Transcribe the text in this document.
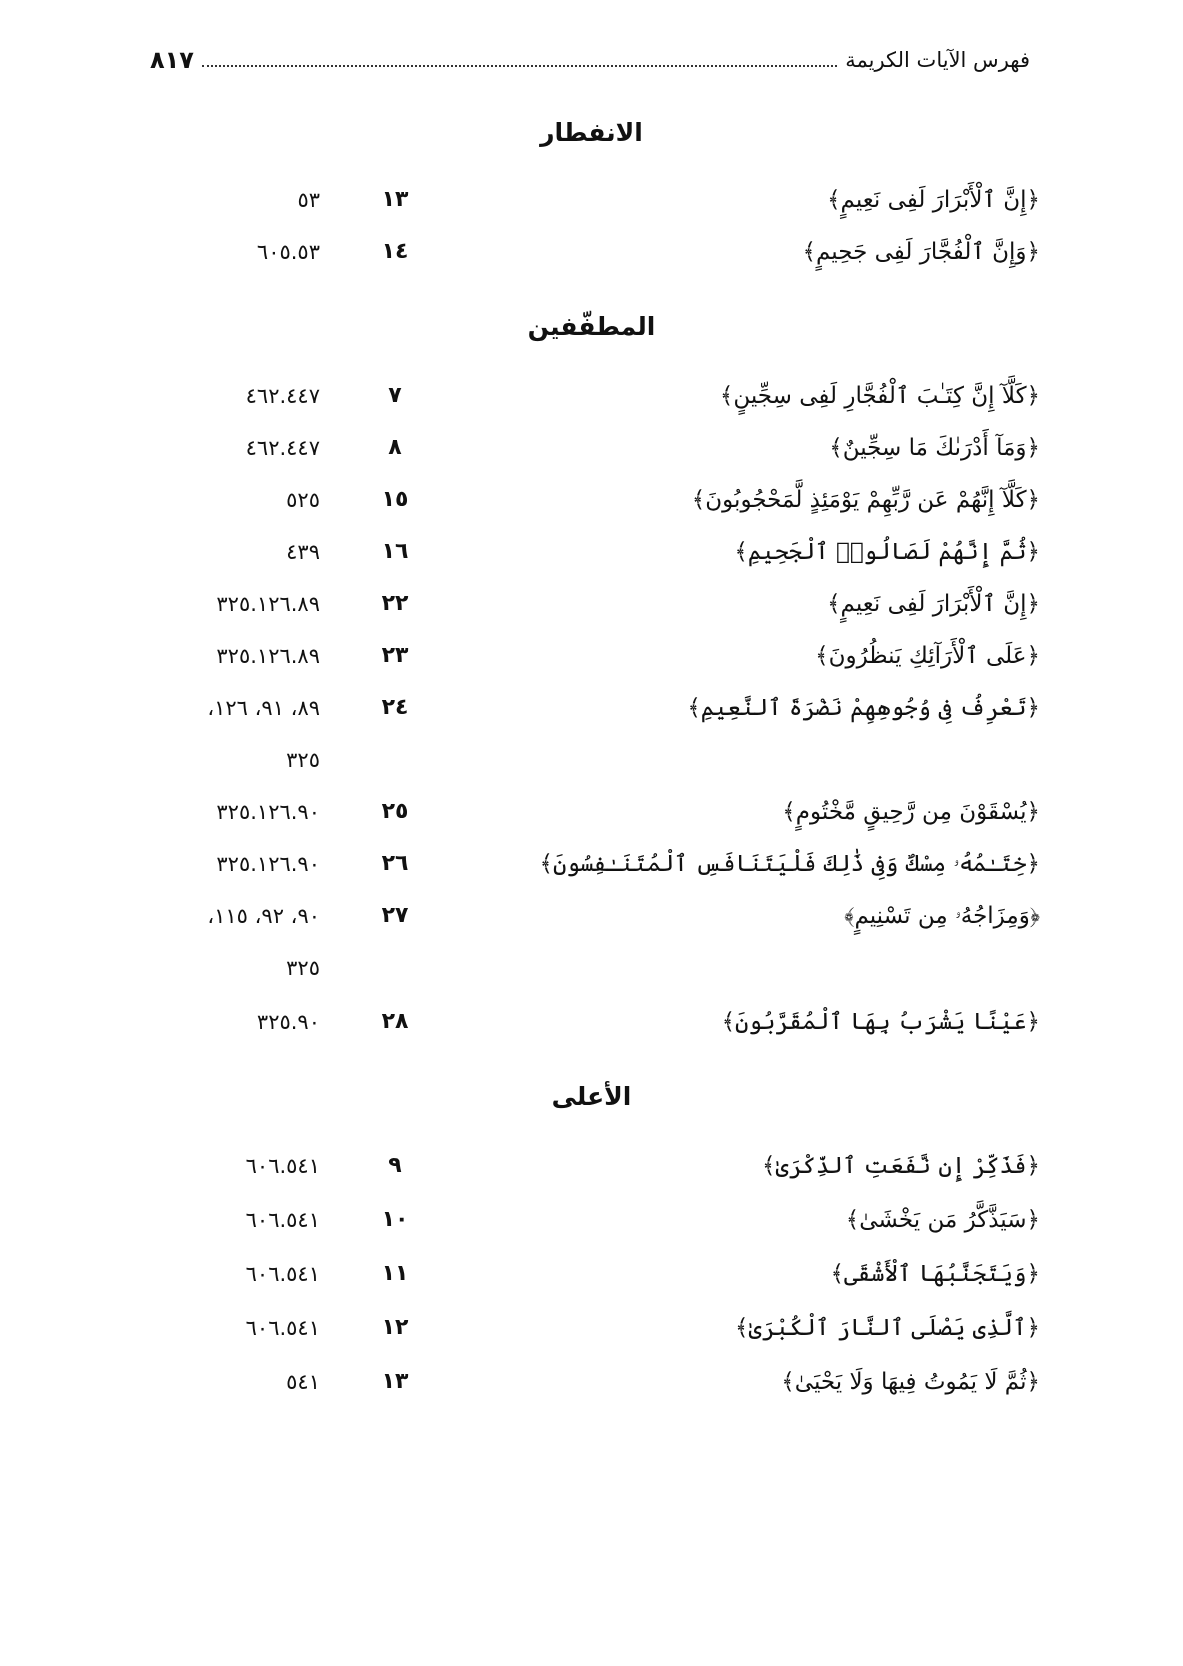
فهرس الآيات الكريمة
٨١٧
الانفطار
﴿إِنَّ ٱلْأَبْرَارَ لَفِى نَعِيمٍ﴾
١٣
٥٣
﴿وَإِنَّ ٱلْفُجَّارَ لَفِى جَحِيمٍ﴾
١٤
٦٠٥.٥٣
المطفّفين
﴿كَلَّآ إِنَّ كِتَـٰبَ ٱلْفُجَّارِ لَفِى سِجِّينٍ﴾
٧
٤٦٢.٤٤٧
﴿وَمَآ أَدْرَىٰكَ مَا سِجِّينٌ﴾
٨
٤٦٢.٤٤٧
﴿كَلَّآ إِنَّهُمْ عَن رَّبِّهِمْ يَوْمَئِذٍ لَّمَحْجُوبُونَ﴾
١٥
٥٢٥
﴿ثُمَّ إِنَّهُمْ لَصَالُوا۟ ٱلْجَحِيمِ﴾
١٦
٤٣٩
﴿إِنَّ ٱلْأَبْرَارَ لَفِى نَعِيمٍ﴾
٢٢
٣٢٥.١٢٦.٨٩
﴿عَلَى ٱلْأَرَآئِكِ يَنظُرُونَ﴾
٢٣
٣٢٥.١٢٦.٨٩
﴿تَعْرِفُ فِى وُجُوهِهِمْ نَضْرَةَ ٱلنَّعِيمِ﴾
٢٤
٨٩، ٩١، ١٢٦،
٣٢٥
﴿يُسْقَوْنَ مِن رَّحِيقٍ مَّخْتُومٍ﴾
٢٥
٣٢٥.١٢٦.٩٠
﴿خِتَـٰمُهُۥ مِسْكٌ وَفِى ذَٰلِكَ فَلْيَتَنَافَسِ ٱلْمُتَنَـٰفِسُونَ﴾
٢٦
٣٢٥.١٢٦.٩٠
﴿وَمِزَاجُهُۥ مِن تَسْنِيمٍ﴾
٢٧
٩٠، ٩٢، ١١٥،
٣٢٥
﴿عَيْنًا يَشْرَبُ بِهَا ٱلْمُقَرَّبُونَ﴾
٢٨
٣٢٥.٩٠
الأعلى
﴿فَذَكِّرْ إِن نَّفَعَتِ ٱلذِّكْرَىٰ﴾
٩
٦٠٦.٥٤١
﴿سَيَذَّكَّرُ مَن يَخْشَىٰ﴾
١٠
٦٠٦.٥٤١
﴿وَيَتَجَنَّبُهَا ٱلْأَشْقَى﴾
١١
٦٠٦.٥٤١
﴿ٱلَّذِى يَصْلَى ٱلنَّارَ ٱلْكُبْرَىٰ﴾
١٢
٦٠٦.٥٤١
﴿ثُمَّ لَا يَمُوتُ فِيهَا وَلَا يَحْيَىٰ﴾
١٣
٥٤١
